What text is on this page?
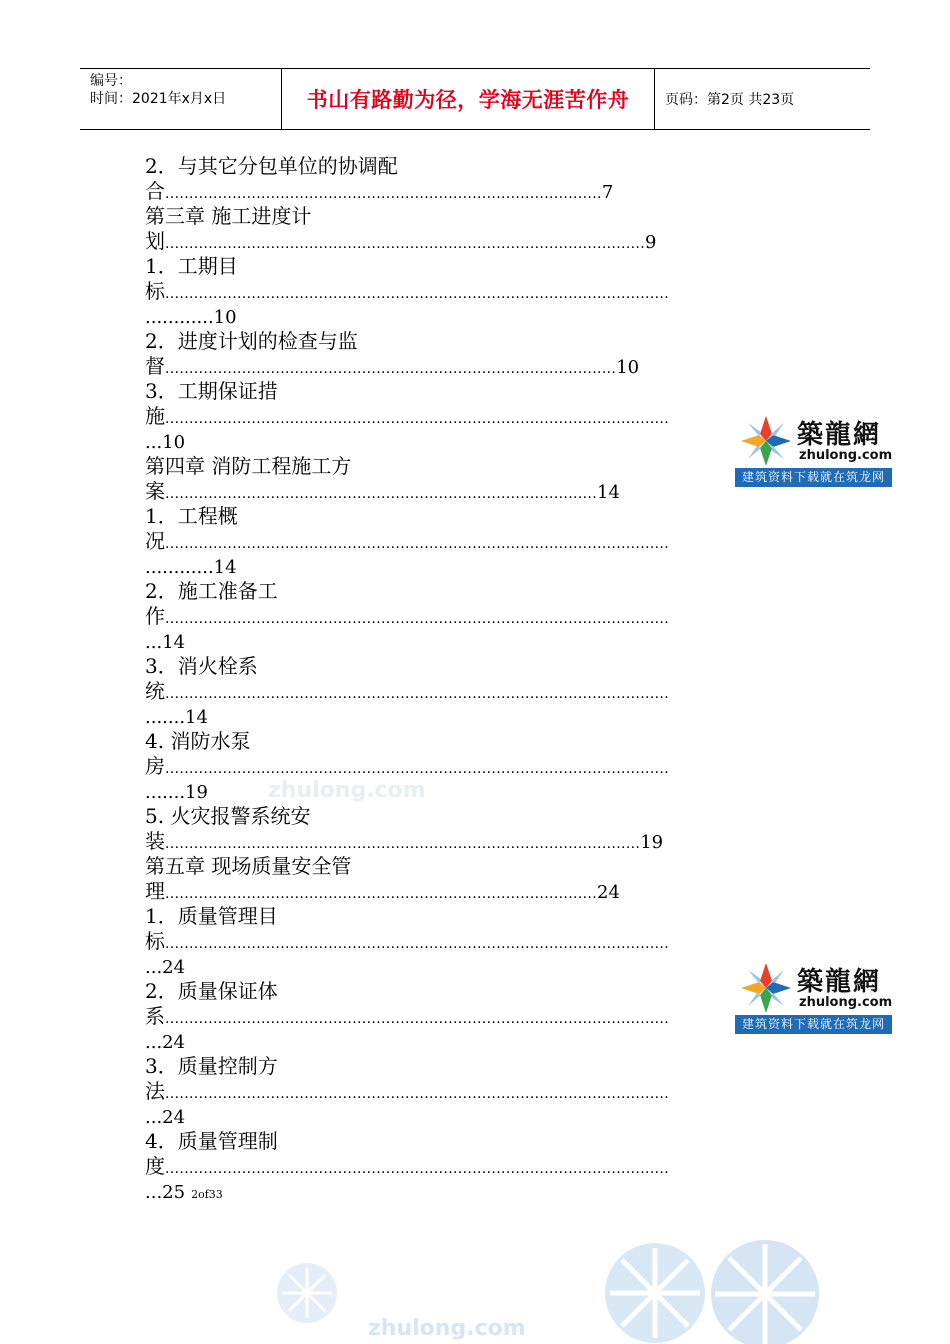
编号：
时间：2021年x月x日	书山有路勤为径，学海无涯苦作舟	页码：第2页 共23页
2．与其它分包单位的协调配
合...........................................................................................7
第三章 施工进度计
划....................................................................................................9
1．工期目
标.........................................................................................................
............10
2．进度计划的检查与监
督..............................................................................................10
3．工期保证措
施.........................................................................................................
...10
第四章 消防工程施工方
案..........................................................................................14
1．工程概
况.........................................................................................................
............14
2．施工准备工
作.........................................................................................................
...14
3．消火栓系
统.........................................................................................................
.......14
4. 消防水泵
房.........................................................................................................
.......19
5. 火灾报警系统安
装...................................................................................................19
第五章 现场质量安全管
理..........................................................................................24
1．质量管理目
标.........................................................................................................
...24
2．质量保证体
系.........................................................................................................
...24
3．质量控制方
法.........................................................................................................
...24
4．质量管理制
度.........................................................................................................
...25 2of33
築龍網
zhulong.com
建筑资料下载就在筑龙网
築龍網
zhulong.com
建筑资料下载就在筑龙网
zhulong.com
zhulong.com
